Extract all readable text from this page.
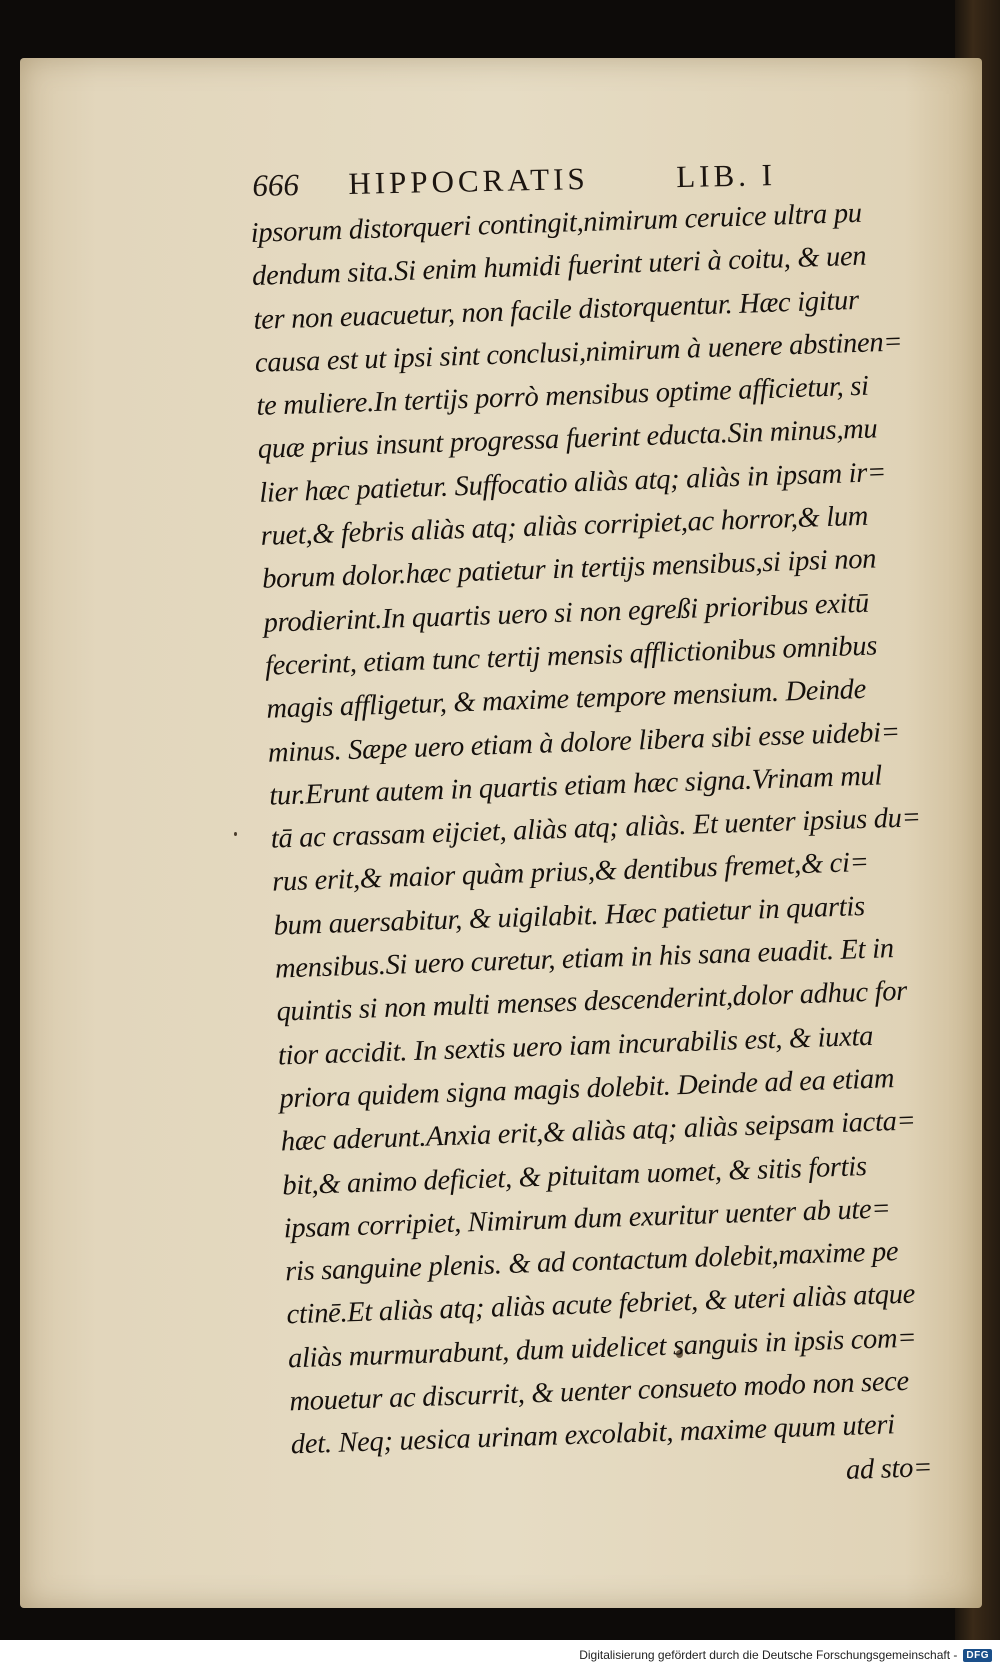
666	HIPPOCRATIS	LIB. I
ipsorum distorqueri contingit,nimirum ceruice ultra pu
dendum sita.Si enim humidi fuerint uteri à coitu, & uen
ter non euacuetur, non facile distorquentur. Hæc igitur
causa est ut ipsi sint conclusi,nimirum à uenere abstinen=
te muliere.In tertijs porrò mensibus optime afficietur, si
quæ prius insunt progressa fuerint educta.Sin minus,mu
lier hæc patietur. Suffocatio aliàs atq; aliàs in ipsam ir=
ruet,& febris aliàs atq; aliàs corripiet,ac horror,& lum
borum dolor.hæc patietur in tertijs mensibus,si ipsi non
prodierint.In quartis uero si non egreßi prioribus exitū
fecerint, etiam tunc tertij mensis afflictionibus omnibus
magis affligetur, & maxime tempore mensium. Deinde
minus. Sæpe uero etiam à dolore libera sibi esse uidebi=
tur.Erunt autem in quartis etiam hæc signa.Vrinam mul
tā ac crassam eijciet, aliàs atq; aliàs. Et uenter ipsius du=
rus erit,& maior quàm prius,& dentibus fremet,& ci=
bum auersabitur, & uigilabit. Hæc patietur in quartis
mensibus.Si uero curetur, etiam in his sana euadit. Et in
quintis si non multi menses descenderint,dolor adhuc for
tior accidit. In sextis uero iam incurabilis est, & iuxta
priora quidem signa magis dolebit. Deinde ad ea etiam
hæc aderunt.Anxia erit,& aliàs atq; aliàs seipsam iacta=
bit,& animo deficiet, & pituitam uomet, & sitis fortis
ipsam corripiet, Nimirum dum exuritur uenter ab ute=
ris sanguine plenis. & ad contactum dolebit,maxime pe
ctinē.Et aliàs atq; aliàs acute febriet, & uteri aliàs atque
aliàs murmurabunt, dum uidelicet sanguis in ipsis com=
mouetur ac discurrit, & uenter consueto modo non sece
det. Neq; uesica urinam excolabit, maxime quum uteri
ad sto=
Digitalisierung gefördert durch die Deutsche Forschungsgemeinschaft - DFG
